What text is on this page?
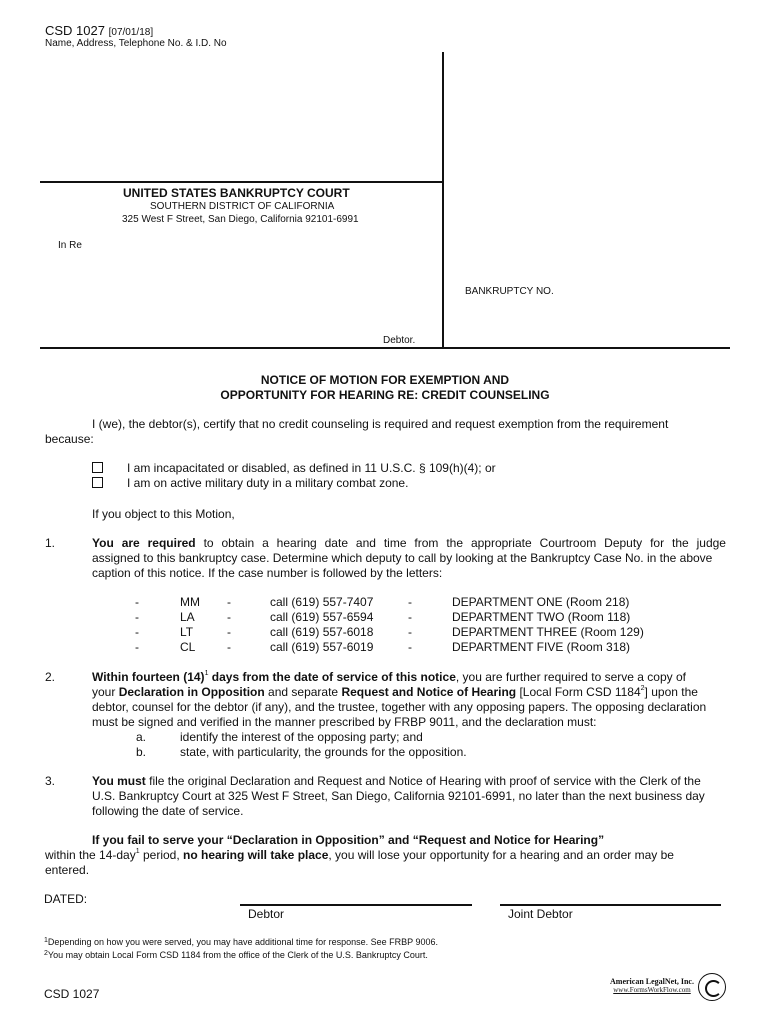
CSD 1027 [07/01/18]
Name, Address, Telephone No. & I.D. No
UNITED STATES BANKRUPTCY COURT
SOUTHERN DISTRICT OF CALIFORNIA
325 West F Street, San Diego, California 92101-6991
In Re
BANKRUPTCY NO.
Debtor.
NOTICE OF MOTION FOR EXEMPTION AND
OPPORTUNITY FOR HEARING RE: CREDIT COUNSELING
I (we), the debtor(s), certify that no credit counseling is required and request exemption from the requirement
because:
I am incapacitated or disabled, as defined in 11 U.S.C. § 109(h)(4); or
I am on active military duty in a military combat zone.
If you object to this Motion,
1.	You are required to obtain a hearing date and time from the appropriate Courtroom Deputy for the judge
assigned to this bankruptcy case. Determine which deputy to call by looking at the Bankruptcy Case No. in the above
caption of this notice. If the case number is followed by the letters:
-	MM -	call (619) 557-7407	-	DEPARTMENT ONE (Room 218)
-	LA	-	call (619) 557-6594	-	DEPARTMENT TWO (Room 118)
-	LT	-	call (619) 557-6018	-	DEPARTMENT THREE (Room 129)
-	CL	-	call (619) 557-6019	-	DEPARTMENT FIVE (Room 318)
2.	Within fourteen $(14)^1$ days from the date of service of this notice, you are further required to serve a copy of
your Declaration in Opposition and separate Request and Notice of Hearing [Local Form CSD 1184$^2$] upon the
debtor, counsel for the debtor (if any), and the trustee, together with any opposing papers. The opposing declaration
must be signed and verified in the manner prescribed by FRBP 9011, and the declaration must:
a.	identify the interest of the opposing party; and
b.	state, with particularity, the grounds for the opposition.
3.	You must file the original Declaration and Request and Notice of Hearing with proof of service with the Clerk of the
U.S. Bankruptcy Court at 325 West F Street, San Diego, California 92101-6991, no later than the next business day
following the date of service.
If you fail to serve your “Declaration in Opposition” and “Request and Notice for Hearing”
within the 14-day$^1$ period, no hearing will take place, you will lose your opportunity for a hearing and an order may be
entered.
DATED:
Debtor	Joint Debtor
$^1$Depending on how you were served, you may have additional time for response. See FRBP 9006.
$^2$You may obtain Local Form CSD 1184 from the office of the Clerk of the U.S. Bankruptcy Court.
CSD 1027
American LegalNet, Inc.
www.FormsWorkFlow.com
